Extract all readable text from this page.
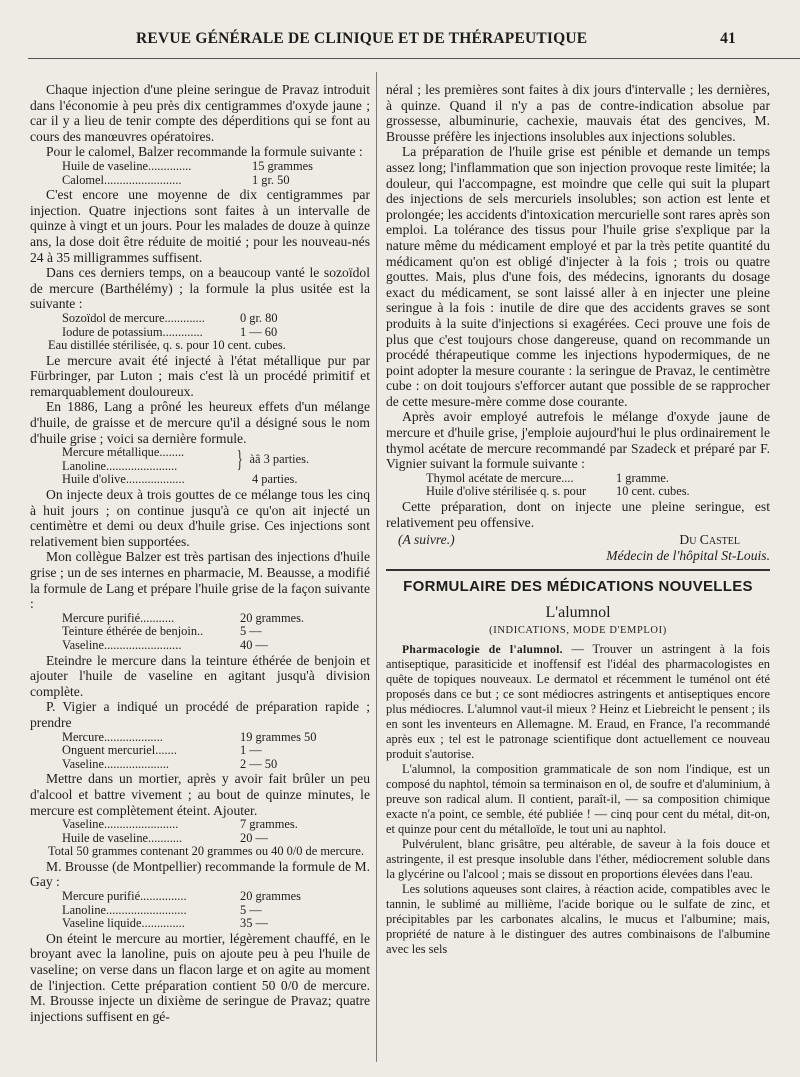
REVUE GÉNÉRALE DE CLINIQUE ET DE THÉRAPEUTIQUE	41

Chaque injection d'une pleine seringue de Pravaz introduit dans l'économie à peu près dix centigrammes d'oxyde jaune ; car il y a lieu de tenir compte des déperditions qui se font au cours des manœuvres opératoires.

Pour le calomel, Balzer recommande la formule suivante :

Huile de vaseline..............	15 grammes
Calomel.........................	1 gr. 50

C'est encore une moyenne de dix centigrammes par injection. Quatre injections sont faites à un intervalle de quinze à vingt et un jours. Pour les malades de douze à quinze ans, la dose doit être réduite de moitié ; pour les nouveau-nés 24 à 35 milligrammes suffisent.

Dans ces derniers temps, on a beaucoup vanté le sozoïdol de mercure (Barthélémy) ; la formule la plus usitée est la suivante :

Sozoïdol de mercure.............	0 gr. 80
Iodure de potassium.............	1 — 60
Eau distillée stérilisée, q. s. pour 10 cent. cubes.

Le mercure avait été injecté à l'état métallique pur par Fürbringer, par Luton ; mais c'est là un procédé primitif et remarquablement douloureux.

En 1886, Lang a prôné les heureux effets d'un mélange d'huile, de graisse et de mercure qu'il a désigné sous le nom d'huile grise ; voici sa dernière formule.

Mercure métallique........
Lanoline.......................	} àâ 3 parties.
Huile d'olive...................	4 parties.

On injecte deux à trois gouttes de ce mélange tous les cinq à huit jours ; on continue jusqu'à ce qu'on ait injecté un centimètre et demi ou deux d'huile grise. Ces injections sont relativement bien supportées.

Mon collègue Balzer est très partisan des injections d'huile grise ; un de ses internes en pharmacie, M. Beausse, a modifié la formule de Lang et prépare l'huile grise de la façon suivante :

Mercure purifié...........	20 grammes.
Teinture éthérée de benjoin..	5 —
Vaseline.........................	40 —

Eteindre le mercure dans la teinture éthérée de benjoin et ajouter l'huile de vaseline en agitant jusqu'à division complète.

P. Vigier a indiqué un procédé de préparation rapide ; prendre

Mercure...................	19 grammes 50
Onguent mercuriel.......	1 —
Vaseline.....................	2 — 50

Mettre dans un mortier, après y avoir fait brûler un peu d'alcool et battre vivement ; au bout de quinze minutes, le mercure est complètement éteint. Ajouter.

Vaseline........................	7 grammes.
Huile de vaseline...........	20 —
Total 50 grammes contenant 20 grammes ou 40 0/0 de mercure.

M. Brousse (de Montpellier) recommande la formule de M. Gay :

Mercure purifié...............	20 grammes
Lanoline..........................	5 —
Vaseline liquide..............	35 —

On éteint le mercure au mortier, légèrement chauffé, en le broyant avec la lanoline, puis on ajoute peu à peu l'huile de vaseline; on verse dans un flacon large et on agite au moment de l'injection. Cette préparation contient 50 0/0 de mercure. M. Brousse injecte un dixième de seringue de Pravaz; quatre injections suffisent en gé-

néral ; les premières sont faites à dix jours d'intervalle ; les dernières, à quinze. Quand il n'y a pas de contre-indication absolue par grossesse, albuminurie, cachexie, mauvais état des gencives, M. Brousse préfère les injections insolubles aux injections solubles.

La préparation de l'huile grise est pénible et demande un temps assez long; l'inflammation que son injection provoque reste limitée; la douleur, qui l'accompagne, est moindre que celle qui suit la plupart des injections de sels mercuriels insolubles; son action est lente et prolongée; les accidents d'intoxication mercurielle sont rares après son emploi. La tolérance des tissus pour l'huile grise s'explique par la nature même du médicament employé et par la très petite quantité du médicament qu'on est obligé d'injecter à la fois ; trois ou quatre gouttes. Mais, plus d'une fois, des médecins, ignorants du dosage exact du médicament, se sont laissé aller à en injecter une pleine seringue à la fois : inutile de dire que des accidents graves se sont produits à la suite d'injections si exagérées. Ceci prouve une fois de plus que c'est toujours chose dangereuse, quand on recommande un procédé thérapeutique comme les injections hypodermiques, de ne point adopter la mesure courante : la seringue de Pravaz, le centimètre cube : on doit toujours s'efforcer autant que possible de se rapprocher de cette mesure-mère comme dose courante.

Après avoir employé autrefois le mélange d'oxyde jaune de mercure et d'huile grise, j'emploie aujourd'hui le plus ordinairement le thymol acétate de mercure recommandé par Szadeck et préparé par F. Vignier suivant la formule suivante :

Thymol acétate de mercure....	1 gramme.
Huile d'olive stérilisée q. s. pour	10 cent. cubes.

Cette préparation, dont on injecte une pleine seringue, est relativement peu offensive.

(A suivre.)	Du Castel
Médecin de l'hôpital St-Louis.
FORMULAIRE DES MÉDICATIONS NOUVELLES
L'alumnol
(INDICATIONS, MODE D'EMPLOI)

Pharmacologie de l'alumnol. — Trouver un astringent à la fois antiseptique, parasiticide et inoffensif est l'idéal des pharmacologistes en quête de topiques nouveaux. Le dermatol et récemment le tuménol ont été proposés dans ce but ; ce sont médiocres astringents et antiseptiques encore plus médiocres. L'alumnol vaut-il mieux ? Heinz et Liebreicht le pensent ; ils en sont les inventeurs en Allemagne. M. Eraud, en France, l'a recommandé après eux ; tel est le patronage scientifique dont actuellement ce nouveau produit s'autorise.

L'alumnol, la composition grammaticale de son nom l'indique, est un composé du naphtol, témoin sa terminaison en ol, de soufre et d'aluminium, à preuve son radical alum. Il contient, paraît-il, — sa composition chimique exacte n'a point, ce semble, été publiée ! — cinq pour cent du métal, dit-on, et quinze pour cent du métalloïde, le tout uni au naphtol.

Pulvérulent, blanc grisâtre, peu altérable, de saveur à la fois douce et astringente, il est presque insoluble dans l'éther, médiocrement soluble dans la glycérine ou l'alcool ; mais se dissout en proportions élevées dans l'eau.

Les solutions aqueuses sont claires, à réaction acide, compatibles avec le tannin, le sublimé au millième, l'acide borique ou le sulfate de zinc, et précipitables par les carbonates alcalins, le mucus et l'albumine; mais, propriété de nature à le distinguer des autres combinaisons de l'albumine avec les sels
